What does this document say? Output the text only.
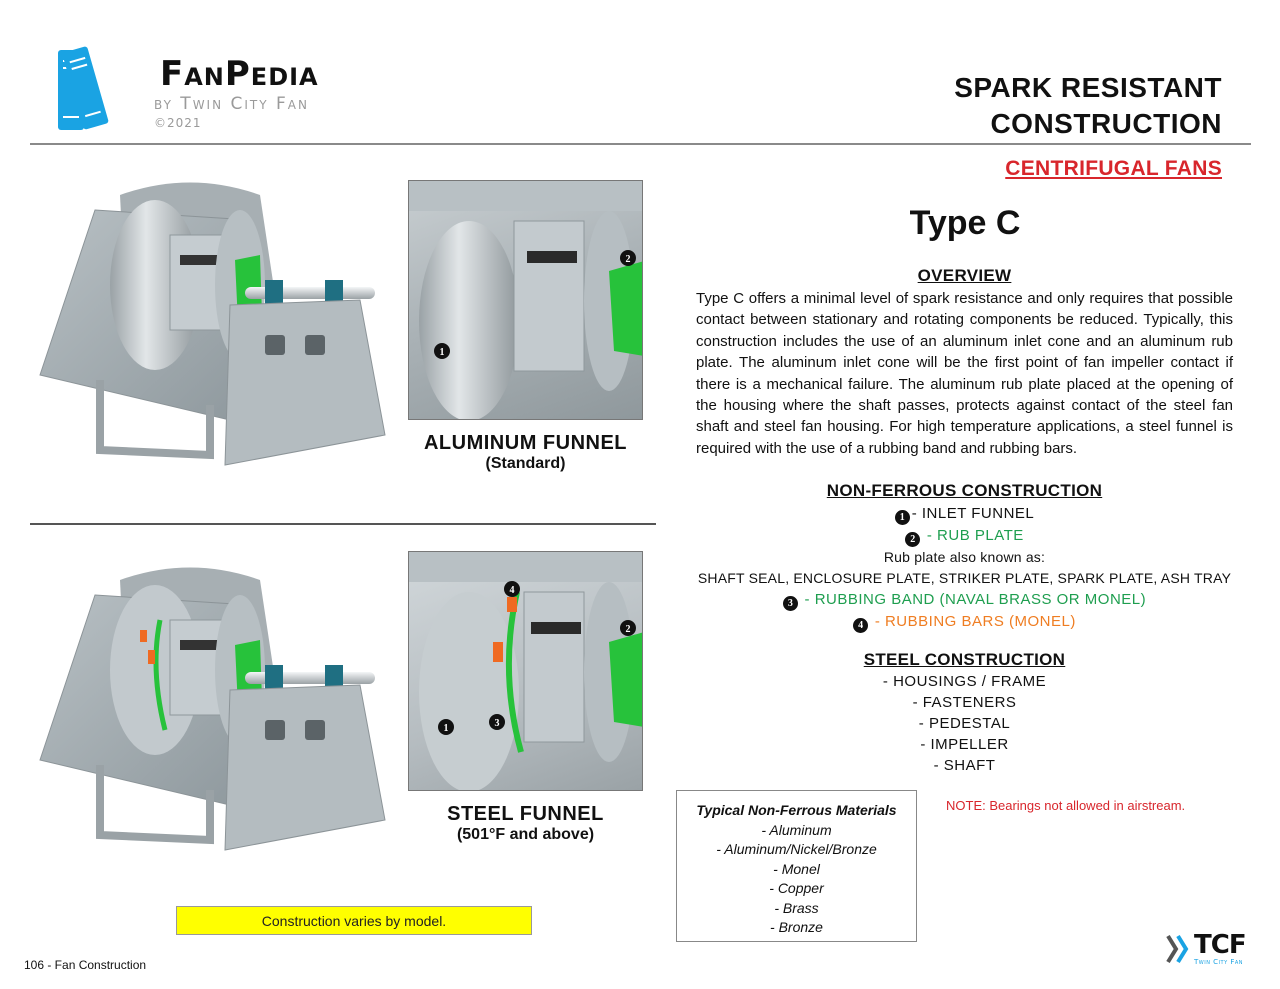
FanPedia
by Twin City Fan
©2021
SPARK RESISTANT
CONSTRUCTION
CENTRIFUGAL FANS
Type C
OVERVIEW
Type C offers a minimal level of spark resistance and only requires that possible contact between stationary and rotating components be reduced. Typically, this construction includes the use of an aluminum inlet cone and an aluminum rub plate. The aluminum inlet cone will be the first point of fan impeller contact if there is a mechanical failure. The aluminum rub plate placed at the opening of the housing where the shaft passes, protects against contact of the steel fan shaft and steel fan housing. For high temperature applications, a steel funnel is required with the use of a rubbing band and rubbing bars.
NON-FERROUS CONSTRUCTION
1 - INLET FUNNEL
2 - RUB PLATE
Rub plate also known as:
SHAFT SEAL, ENCLOSURE PLATE, STRIKER PLATE, SPARK PLATE, ASH TRAY
3 - RUBBING BAND (NAVAL BRASS OR MONEL)
4 - RUBBING BARS (MONEL)
STEEL CONSTRUCTION
- HOUSINGS / FRAME
- FASTENERS
- PEDESTAL
- IMPELLER
- SHAFT
Typical Non-Ferrous Materials
- Aluminum
- Aluminum/Nickel/Bronze
- Monel
- Copper
- Brass
- Bronze
NOTE: Bearings not allowed in airstream.
2
1
ALUMINUM FUNNEL
(Standard)
4
2
1	3
STEEL FUNNEL
(501°F and above)
Construction varies by model.
106 - Fan Construction
TCF
Twin City Fan
